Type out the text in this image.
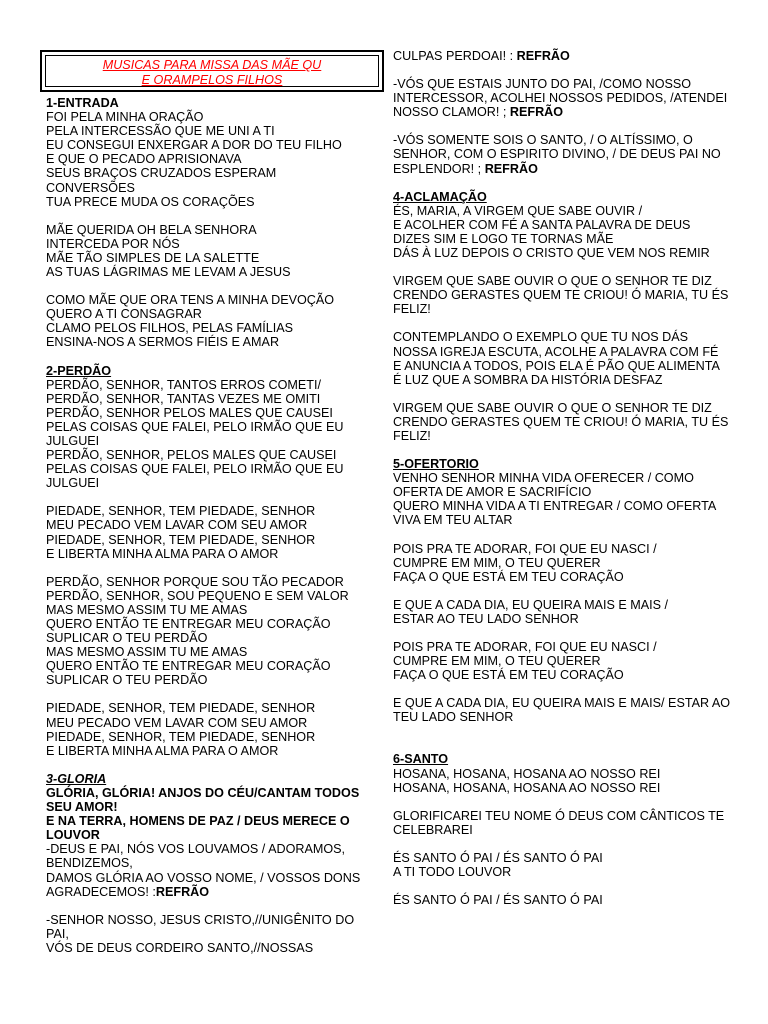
MUSICAS PARA MISSA DAS MÃE QU
E ORAMPELOS FILHOS
1-ENTRADA
FOI PELA MINHA ORAÇÃO
PELA INTERCESSÃO QUE ME UNI A TI
EU CONSEGUI ENXERGAR A DOR DO TEU FILHO
E QUE O PECADO APRISIONAVA
SEUS BRAÇOS CRUZADOS ESPERAM
CONVERSÕES
TUA PRECE MUDA OS CORAÇÕES
MÃE QUERIDA OH BELA SENHORA
INTERCEDA POR NÓS
MÃE TÃO SIMPLES DE LA SALETTE
AS TUAS LÁGRIMAS ME LEVAM A JESUS
COMO MÃE QUE ORA TENS A MINHA DEVOÇÃO
QUERO A TI CONSAGRAR
CLAMO PELOS FILHOS, PELAS FAMÍLIAS
ENSINA-NOS A SERMOS FIÉIS E AMAR
2-PERDÃO
PERDÃO, SENHOR, TANTOS ERROS COMETI/
PERDÃO, SENHOR, TANTAS VEZES ME OMITI
PERDÃO, SENHOR PELOS MALES QUE CAUSEI
PELAS COISAS QUE FALEI, PELO IRMÃO QUE EU JULGUEI
PERDÃO, SENHOR, PELOS MALES QUE CAUSEI
PELAS COISAS QUE FALEI, PELO IRMÃO QUE EU JULGUEI
PIEDADE, SENHOR, TEM PIEDADE, SENHOR
MEU PECADO VEM LAVAR COM SEU AMOR
PIEDADE, SENHOR, TEM PIEDADE, SENHOR
E LIBERTA MINHA ALMA PARA O AMOR
PERDÃO, SENHOR PORQUE SOU TÃO PECADOR
PERDÃO, SENHOR, SOU PEQUENO E SEM VALOR
MAS MESMO ASSIM TU ME AMAS
QUERO ENTÃO TE ENTREGAR MEU CORAÇÃO
SUPLICAR O TEU PERDÃO
MAS MESMO ASSIM TU ME AMAS
QUERO ENTÃO TE ENTREGAR MEU CORAÇÃO
SUPLICAR O TEU PERDÃO
PIEDADE, SENHOR, TEM PIEDADE, SENHOR
MEU PECADO VEM LAVAR COM SEU AMOR
PIEDADE, SENHOR, TEM PIEDADE, SENHOR
E LIBERTA MINHA ALMA PARA O AMOR
3-GLORIA
GLÓRIA, GLÓRIA! ANJOS DO CÉU/CANTAM TODOS SEU AMOR!
E NA TERRA, HOMENS DE PAZ / DEUS MERECE O LOUVOR
-DEUS E PAI, NÓS VOS LOUVAMOS / ADORAMOS, BENDIZEMOS,
DAMOS GLÓRIA AO VOSSO NOME, / VOSSOS DONS AGRADECEMOS! :REFRÃO
-SENHOR NOSSO, JESUS CRISTO,//UNIGÊNITO DO PAI,
VÓS DE DEUS CORDEIRO SANTO,//NOSSAS
CULPAS PERDOAI! : REFRÃO
-VÓS QUE ESTAIS JUNTO DO PAI, /COMO NOSSO INTERCESSOR, ACOLHEI NOSSOS PEDIDOS, /ATENDEI NOSSO CLAMOR! ; REFRÃO
-VÓS SOMENTE SOIS O SANTO, / O ALTÍSSIMO, O SENHOR, COM O ESPIRITO DIVINO, / DE DEUS PAI NO ESPLENDOR! ; REFRÃO
4-ACLAMAÇÃO
ÉS, MARIA, A VIRGEM QUE SABE OUVIR /
E ACOLHER COM FÉ A SANTA PALAVRA DE DEUS
DIZES SIM E LOGO TE TORNAS MÃE
DÁS À LUZ DEPOIS O CRISTO QUE VEM NOS REMIR
VIRGEM QUE SABE OUVIR O QUE O SENHOR TE DIZ CRENDO GERASTES QUEM TE CRIOU! Ó MARIA, TU ÉS FELIZ!
CONTEMPLANDO O EXEMPLO QUE TU NOS DÁS
NOSSA IGREJA ESCUTA, ACOLHE A PALAVRA COM FÉ
E ANUNCIA A TODOS, POIS ELA É PÃO QUE ALIMENTA
É LUZ QUE A SOMBRA DA HISTÓRIA DESFAZ
VIRGEM QUE SABE OUVIR O QUE O SENHOR TE DIZ CRENDO GERASTES QUEM TE CRIOU! Ó MARIA, TU ÉS FELIZ!
5-OFERTORIO
VENHO SENHOR MINHA VIDA OFERECER / COMO OFERTA DE AMOR E SACRIFÍCIO
QUERO MINHA VIDA A TI ENTREGAR / COMO OFERTA VIVA EM TEU ALTAR
POIS PRA TE ADORAR, FOI QUE EU NASCI /
CUMPRE EM MIM, O TEU QUERER
FAÇA O QUE ESTÁ EM TEU CORAÇÃO
E QUE A CADA DIA, EU QUEIRA MAIS E MAIS /
ESTAR AO TEU LADO SENHOR
POIS PRA TE ADORAR, FOI QUE EU NASCI /
CUMPRE EM MIM, O TEU QUERER
FAÇA O QUE ESTÁ EM TEU CORAÇÃO
E QUE A CADA DIA, EU QUEIRA MAIS E MAIS/ ESTAR AO TEU LADO SENHOR
6-SANTO
HOSANA, HOSANA, HOSANA AO NOSSO REI
HOSANA, HOSANA, HOSANA AO NOSSO REI
GLORIFICAREI TEU NOME Ó DEUS COM CÂNTICOS TE CELEBRAREI
ÉS SANTO Ó PAI / ÉS SANTO Ó PAI
A TI TODO LOUVOR
ÉS SANTO Ó PAI / ÉS SANTO Ó PAI
